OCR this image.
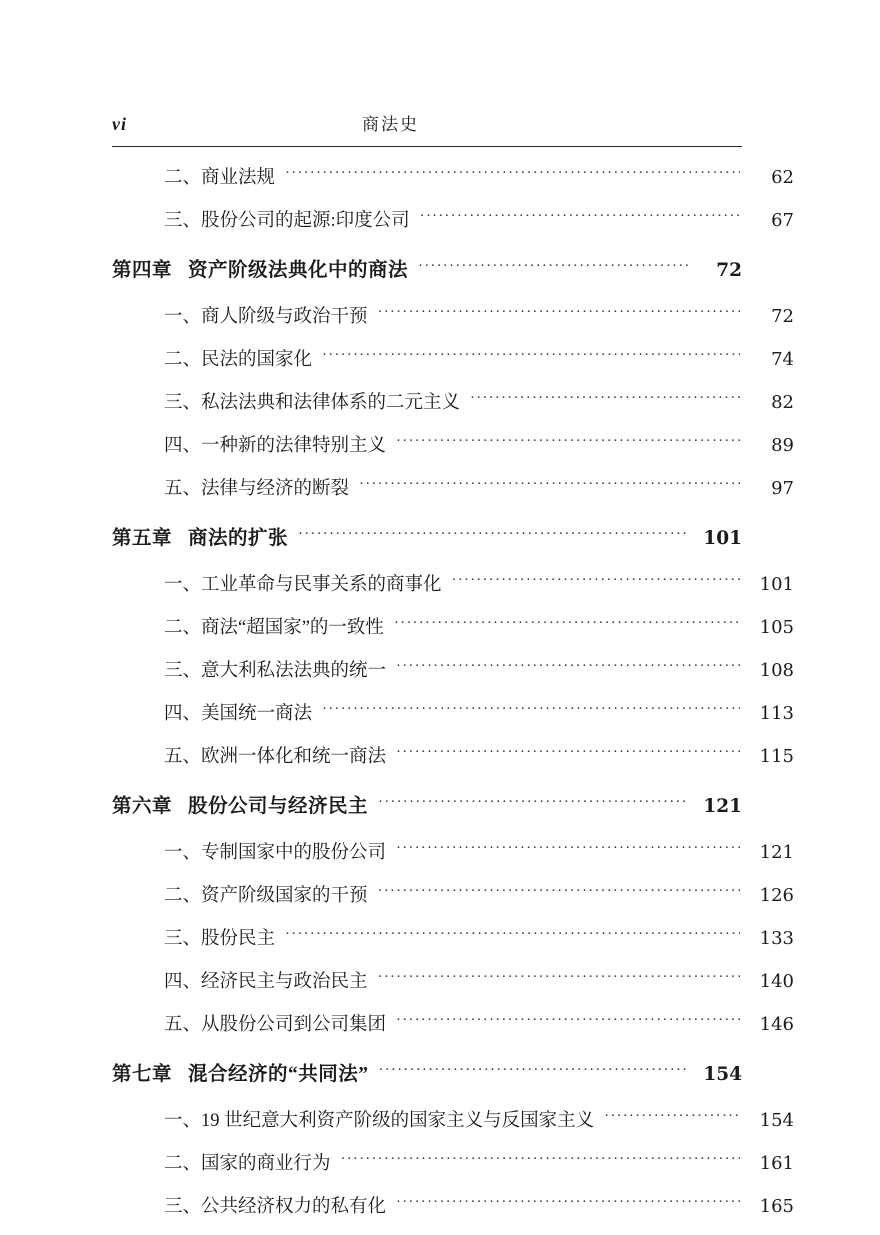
vi	商法史
二、商业法规 ·····	62
三、股份公司的起源:印度公司 ·····	67
第四章 资产阶级法典化中的商法 ·····	72
一、商人阶级与政治干预 ·····	72
二、民法的国家化 ·····	74
三、私法法典和法律体系的二元主义 ·····	82
四、一种新的法律特别主义 ·····	89
五、法律与经济的断裂 ·····	97
第五章 商法的扩张 ·····	101
一、工业革命与民事关系的商事化 ·····	101
二、商法“超国家”的一致性 ·····	105
三、意大利私法法典的统一 ·····	108
四、美国统一商法 ·····	113
五、欧洲一体化和统一商法 ·····	115
第六章 股份公司与经济民主 ·····	121
一、专制国家中的股份公司 ·····	121
二、资产阶级国家的干预 ·····	126
三、股份民主 ·····	133
四、经济民主与政治民主 ·····	140
五、从股份公司到公司集团 ·····	146
第七章 混合经济的“共同法” ·····	154
一、19 世纪意大利资产阶级的国家主义与反国家主义 ·····	154
二、国家的商业行为 ·····	161
三、公共经济权力的私有化 ·····	165
